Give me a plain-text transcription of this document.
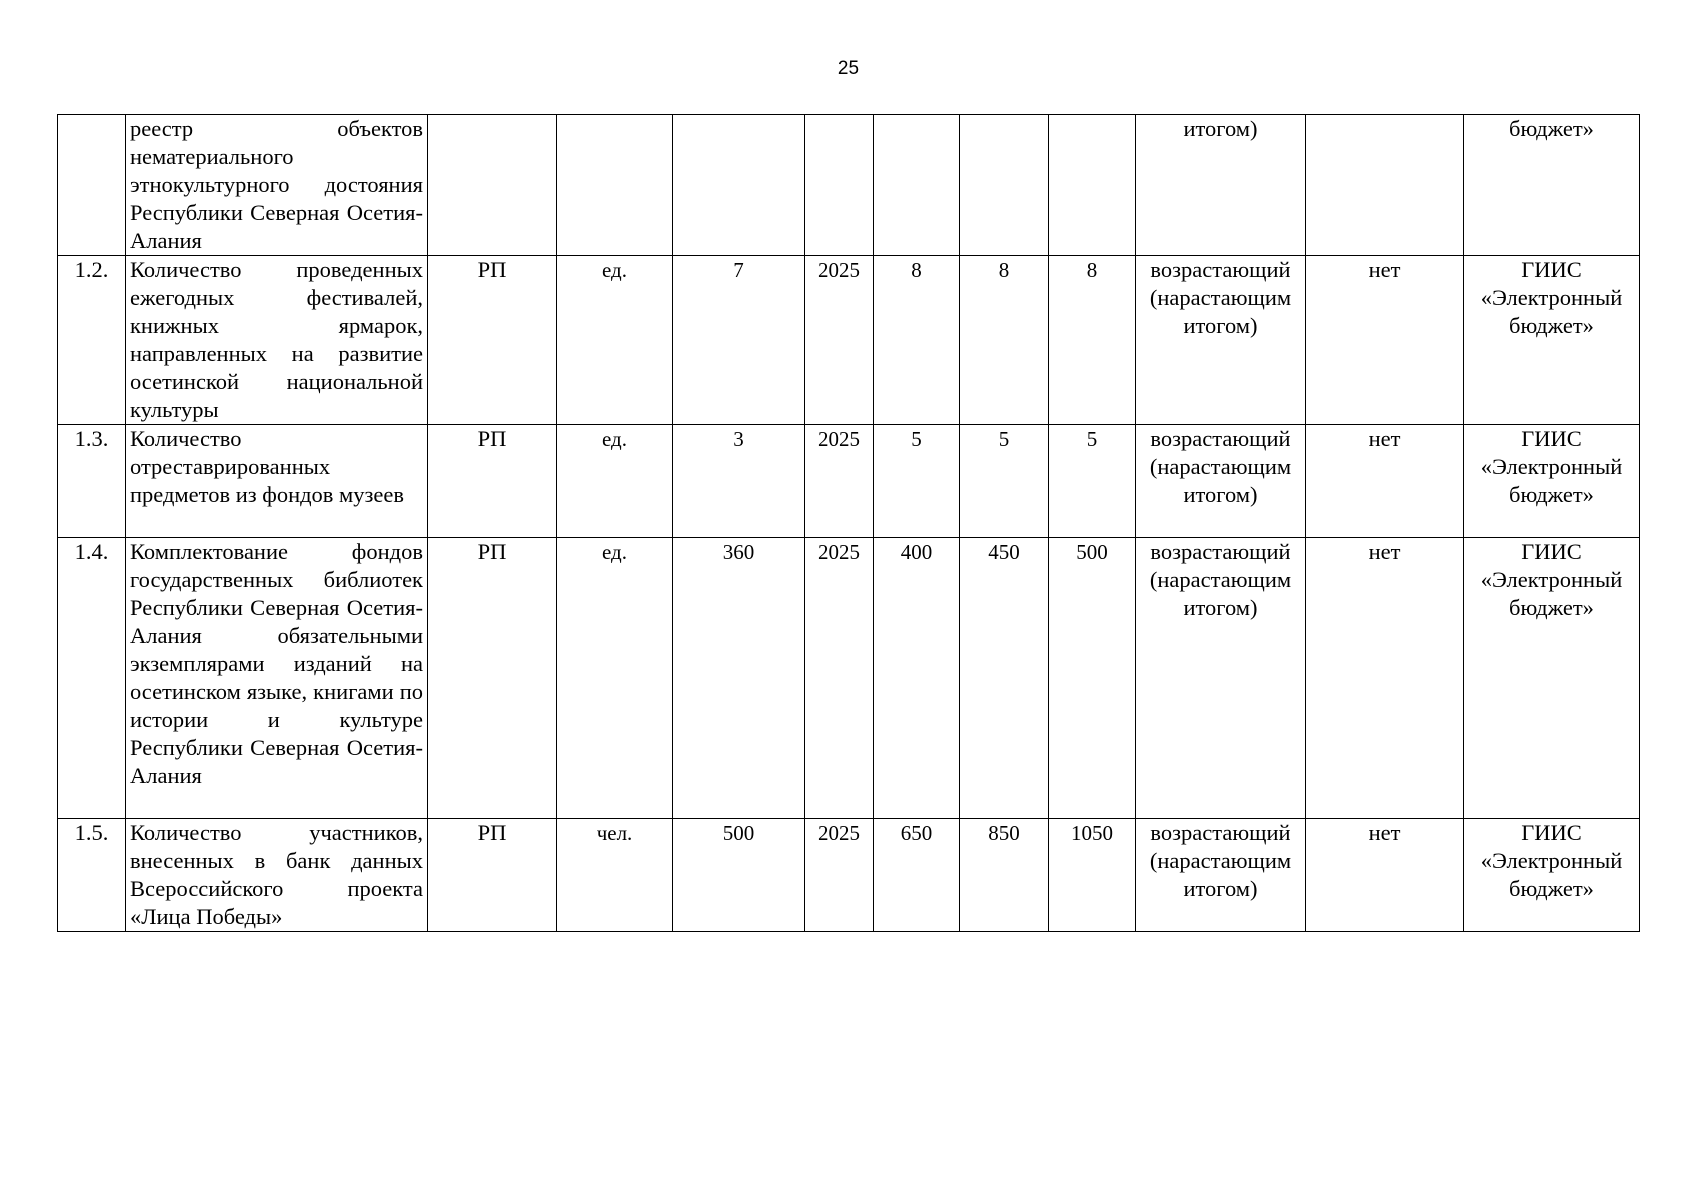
25
	реестр объектов нематериального этнокультурного достояния Республики Северная Осетия-Алания								итогом)		бюджет»
1.2.	Количество проведенных ежегодных фестивалей, книжных ярмарок, направленных на развитие осетинской национальной культуры	РП	ед.	7	2025	8	8	8	возрастающий (нарастающим итогом)	нет	ГИИС «Электронный бюджет»
1.3.	Количество отреставрированных предметов из фондов музеев	РП	ед.	3	2025	5	5	5	возрастающий (нарастающим итогом)	нет	ГИИС «Электронный бюджет»
1.4.	Комплектование фондов государственных библиотек Республики Северная Осетия-Алания обязательными экземплярами изданий на осетинском языке, книгами по истории и культуре Республики Северная Осетия-Алания	РП	ед.	360	2025	400	450	500	возрастающий (нарастающим итогом)	нет	ГИИС «Электронный бюджет»
1.5.	Количество участников, внесенных в банк данных Всероссийского проекта «Лица Победы»	РП	чел.	500	2025	650	850	1050	возрастающий (нарастающим итогом)	нет	ГИИС «Электронный бюджет»
